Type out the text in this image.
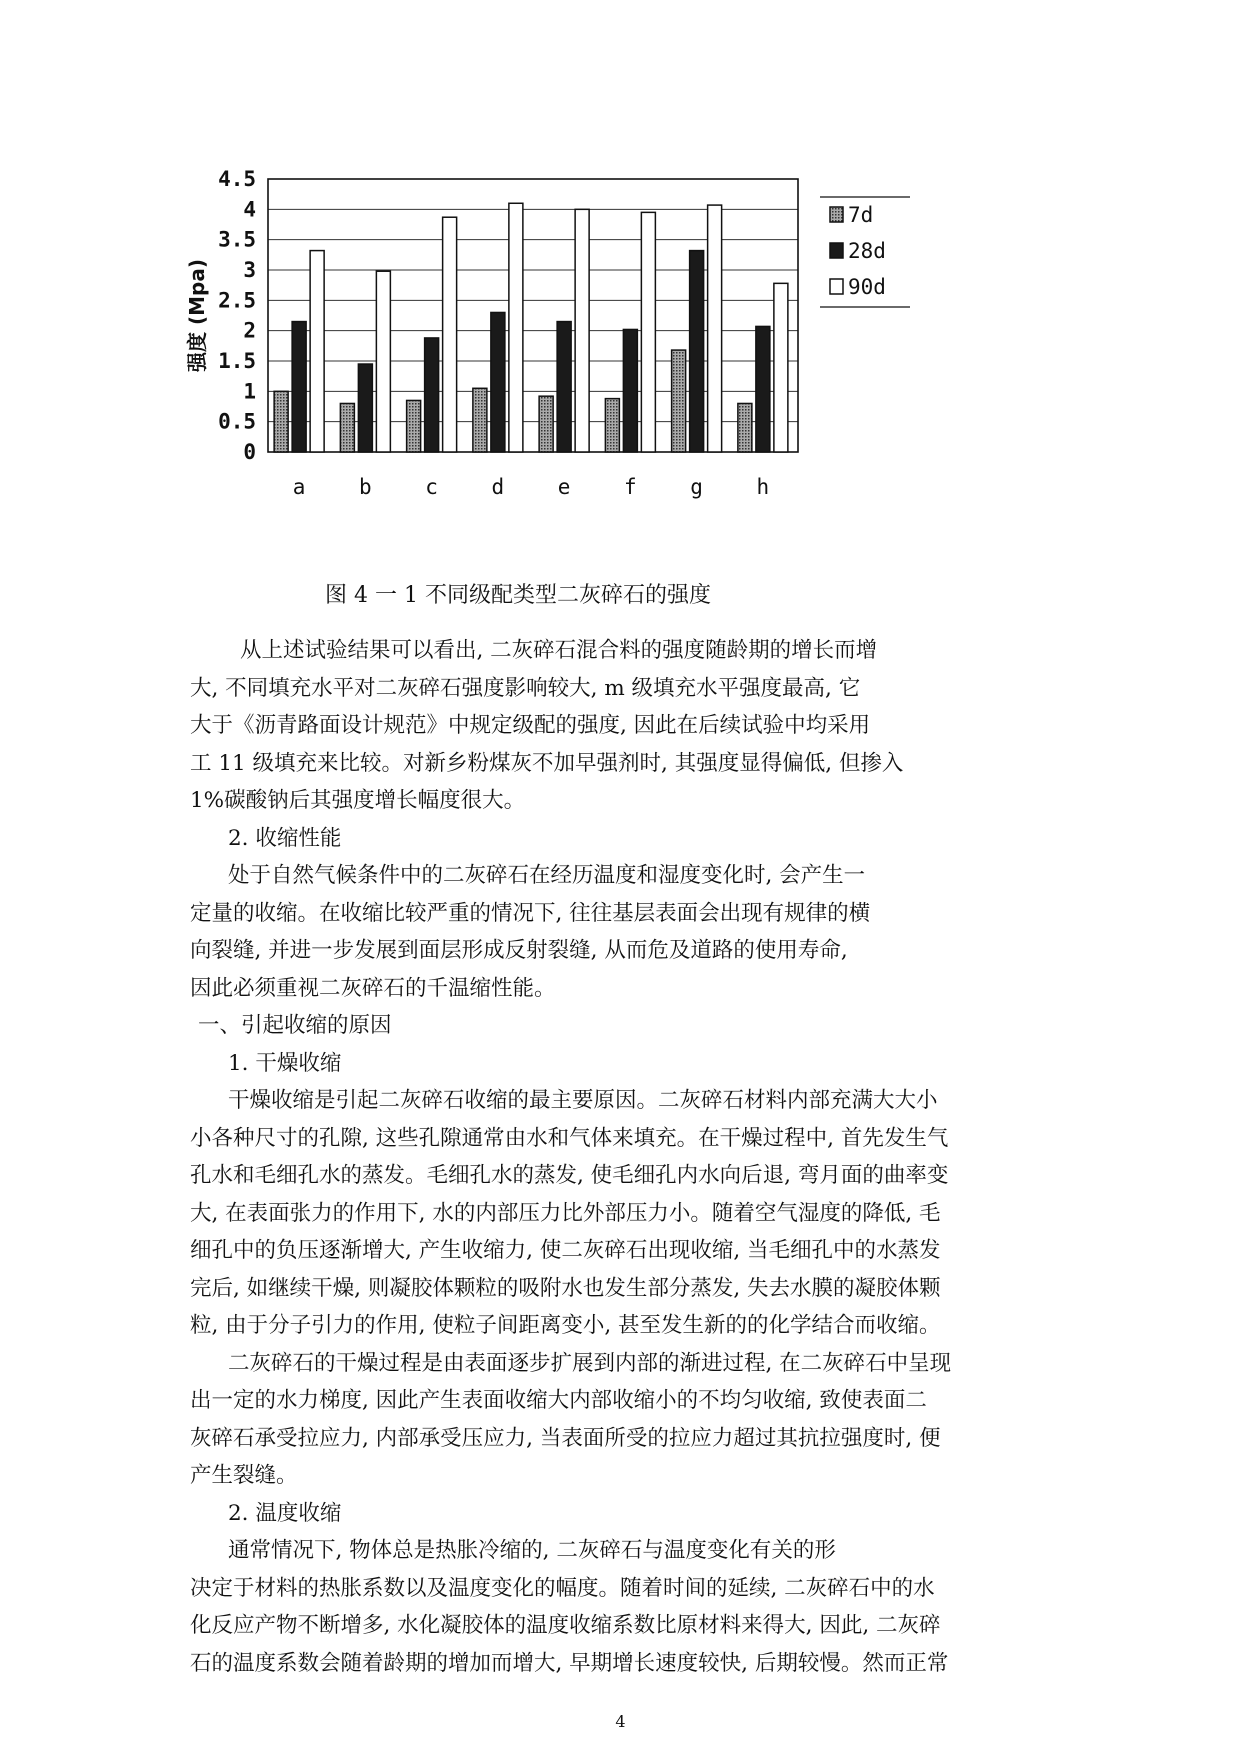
0
0.5
1
1.5
2
2.5
3
3.5
4
4.5
强度 (Mpa)
a	b	c	d	e	f	g	h
7d
28d
90d
图 4 一 1 不同级配类型二灰碎石的强度
从上述试验结果可以看出, 二灰碎石混合料的强度随龄期的增长而增
大, 不同填充水平对二灰碎石强度影响较大, m 级填充水平强度最高, 它
大于《沥青路面设计规范》中规定级配的强度, 因此在后续试验中均采用
工 11 级填充来比较。对新乡粉煤灰不加早强剂时, 其强度显得偏低, 但掺入
1%碳酸钠后其强度增长幅度很大。
2. 收缩性能
处于自然气候条件中的二灰碎石在经历温度和湿度变化时, 会产生一
定量的收缩。在收缩比较严重的情况下, 往往基层表面会出现有规律的横
向裂缝, 并进一步发展到面层形成反射裂缝, 从而危及道路的使用寿命,
因此必须重视二灰碎石的千温缩性能。
一、引起收缩的原因
1. 干燥收缩
干燥收缩是引起二灰碎石收缩的最主要原因。二灰碎石材料内部充满大大小
小各种尺寸的孔隙, 这些孔隙通常由水和气体来填充。在干燥过程中, 首先发生气
孔水和毛细孔水的蒸发。毛细孔水的蒸发, 使毛细孔内水向后退, 弯月面的曲率变
大, 在表面张力的作用下, 水的内部压力比外部压力小。随着空气湿度的降低, 毛
细孔中的负压逐渐增大, 产生收缩力, 使二灰碎石出现收缩, 当毛细孔中的水蒸发
完后, 如继续干燥, 则凝胶体颗粒的吸附水也发生部分蒸发, 失去水膜的凝胶体颗
粒, 由于分子引力的作用, 使粒子间距离变小, 甚至发生新的的化学结合而收缩。
二灰碎石的干燥过程是由表面逐步扩展到内部的渐进过程, 在二灰碎石中呈现
出一定的水力梯度, 因此产生表面收缩大内部收缩小的不均匀收缩, 致使表面二
灰碎石承受拉应力, 内部承受压应力, 当表面所受的拉应力超过其抗拉强度时, 便
产生裂缝。
2. 温度收缩
通常情况下, 物体总是热胀冷缩的, 二灰碎石与温度变化有关的形
决定于材料的热胀系数以及温度变化的幅度。随着时间的延续, 二灰碎石中的水
化反应产物不断增多, 水化凝胶体的温度收缩系数比原材料来得大, 因此, 二灰碎
石的温度系数会随着龄期的增加而增大, 早期增长速度较快, 后期较慢。然而正常
4
